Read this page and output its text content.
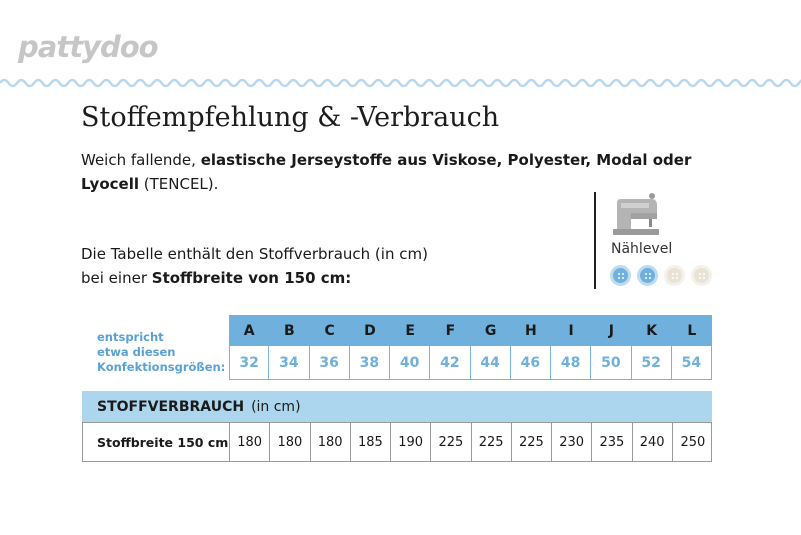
pattydoo
Stoffempfehlung & -Verbrauch
Weich fallende, elastische Jerseystoffe aus Viskose, Polyester, Modal oder Lyocell (TENCEL).
Die Tabelle enthält den Stoffverbrauch (in cm)
bei einer Stoffbreite von 150 cm:
Nählevel
entspricht
etwa diesen
Konfektionsgrößen:
A	B	C	D	E	F	G	H	I	J	K	L
32	34	36	38	40	42	44	46	48	50	52	54
STOFFVERBRAUCH (in cm)
Stoffbreite 150 cm 180	180	180	185	190	225	225	225	230	235	240	250
